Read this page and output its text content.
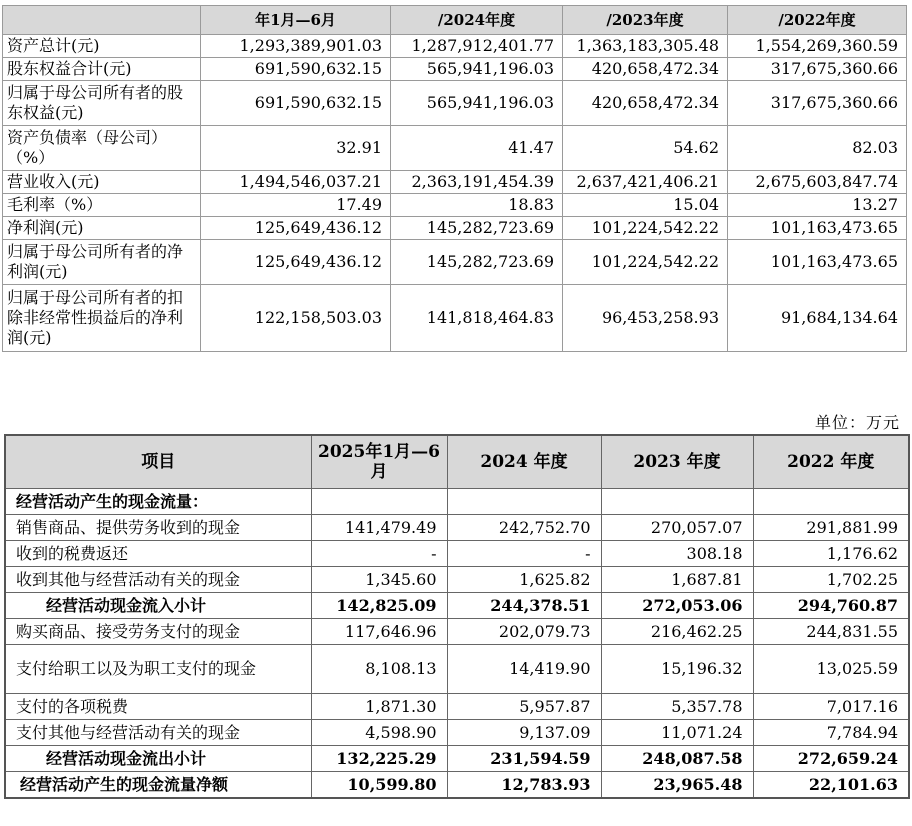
	年1月—6月	/2024年度	/2023年度	/2022年度
资产总计(元)	1,293,389,901.03	1,287,912,401.77	1,363,183,305.48	1,554,269,360.59
股东权益合计(元)	691,590,632.15	565,941,196.03	420,658,472.34	317,675,360.66
归属于母公司所有者的股东权益(元)	691,590,632.15	565,941,196.03	420,658,472.34	317,675,360.66
资产负债率（母公司）（%）	32.91	41.47	54.62	82.03
营业收入(元)	1,494,546,037.21	2,363,191,454.39	2,637,421,406.21	2,675,603,847.74
毛利率（%）	17.49	18.83	15.04	13.27
净利润(元)	125,649,436.12	145,282,723.69	101,224,542.22	101,163,473.65
归属于母公司所有者的净利润(元)	125,649,436.12	145,282,723.69	101,224,542.22	101,163,473.65
归属于母公司所有者的扣除非经常性损益后的净利润(元)	122,158,503.03	141,818,464.83	96,453,258.93	91,684,134.64
单位：万元
项目	2025年1月—6月	2024 年度	2023 年度	2022 年度
经营活动产生的现金流量：				
销售商品、提供劳务收到的现金	141,479.49	242,752.70	270,057.07	291,881.99
收到的税费返还	-	-	308.18	1,176.62
收到其他与经营活动有关的现金	1,345.60	1,625.82	1,687.81	1,702.25
经营活动现金流入小计	142,825.09	244,378.51	272,053.06	294,760.87
购买商品、接受劳务支付的现金	117,646.96	202,079.73	216,462.25	244,831.55
支付给职工以及为职工支付的现金	8,108.13	14,419.90	15,196.32	13,025.59
支付的各项税费	1,871.30	5,957.87	5,357.78	7,017.16
支付其他与经营活动有关的现金	4,598.90	9,137.09	11,071.24	7,784.94
经营活动现金流出小计	132,225.29	231,594.59	248,087.58	272,659.24
经营活动产生的现金流量净额	10,599.80	12,783.93	23,965.48	22,101.63
